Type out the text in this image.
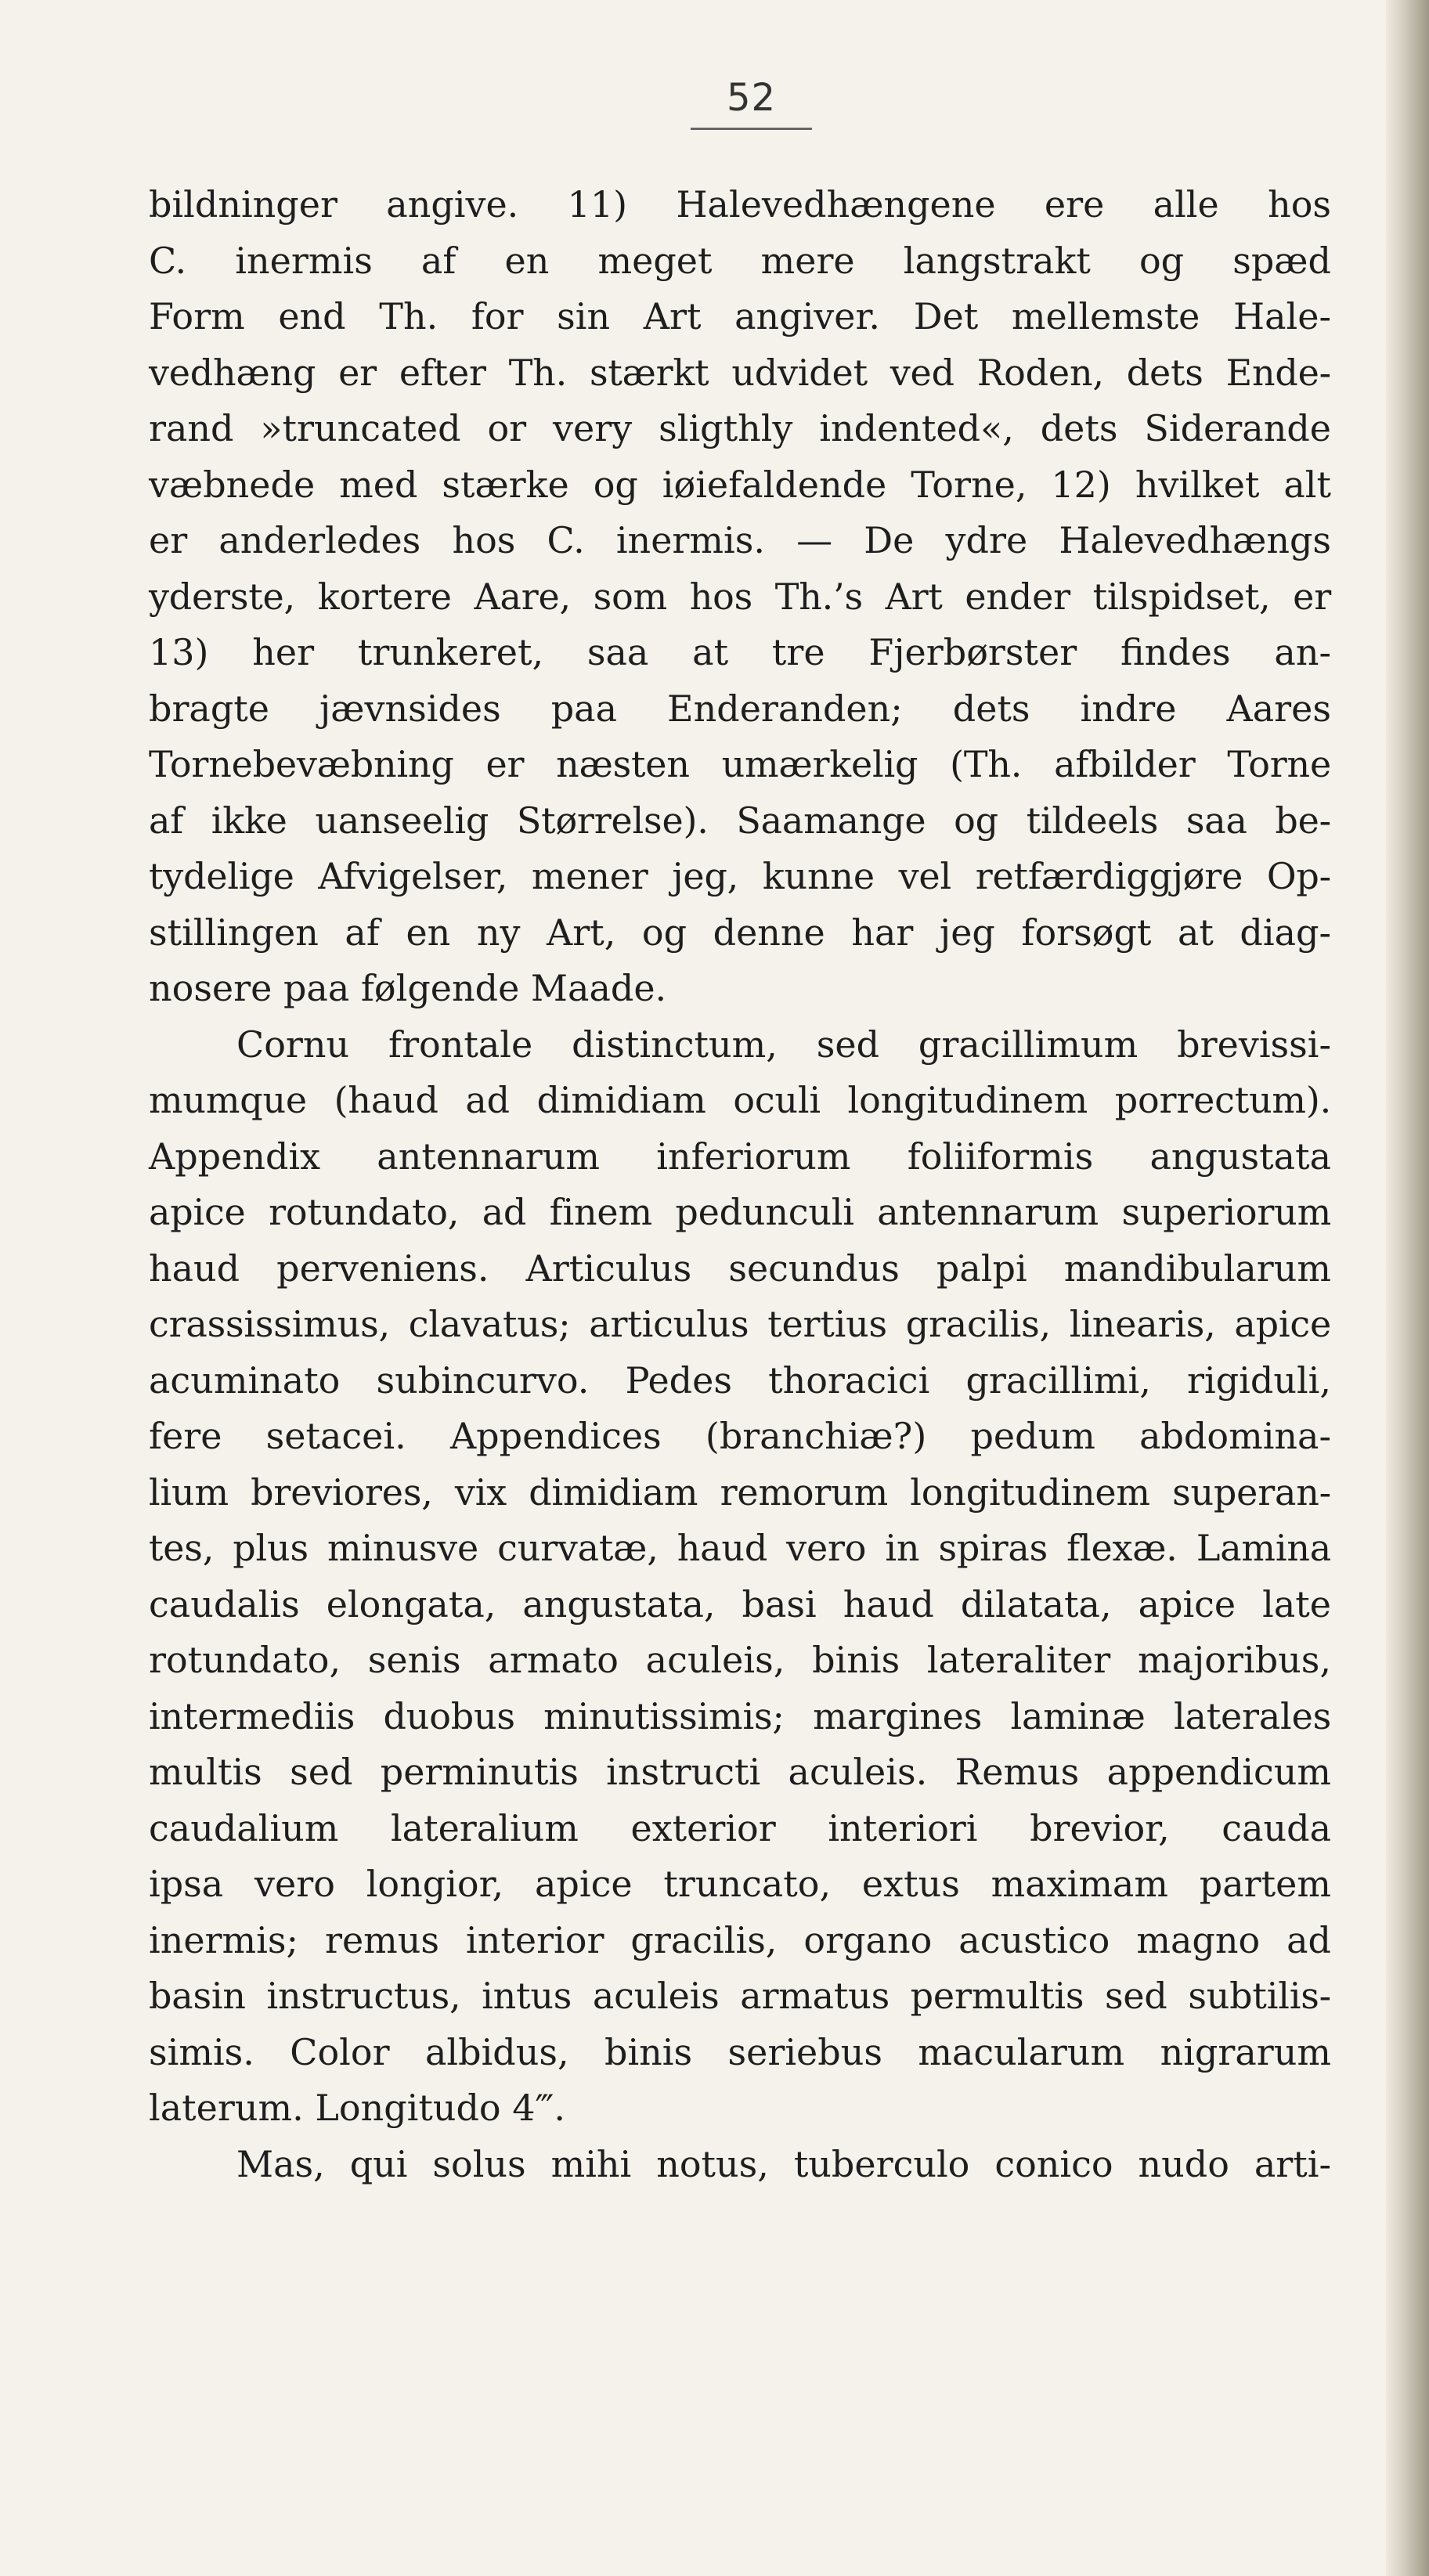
52
bildninger angive. 11) Halevedhængene ere alle hos
C. inermis af en meget mere langstrakt og spæd
Form end Th. for sin Art angiver. Det mellemste Hale-
vedhæng er efter Th. stærkt udvidet ved Roden, dets Ende-
rand »truncated or very sligthly indented«, dets Siderande
væbnede med stærke og iøiefaldende Torne, 12) hvilket alt
er anderledes hos C. inermis. — De ydre Halevedhængs
yderste, kortere Aare, som hos Th.’s Art ender tilspidset, er
13) her trunkeret, saa at tre Fjerbørster findes an-
bragte jævnsides paa Enderanden; dets indre Aares
Tornebevæbning er næsten umærkelig (Th. afbilder Torne
af ikke uanseelig Størrelse). Saamange og tildeels saa be-
tydelige Afvigelser, mener jeg, kunne vel retfærdiggjøre Op-
stillingen af en ny Art, og denne har jeg forsøgt at diag-
nosere paa følgende Maade.
Cornu frontale distinctum, sed gracillimum brevissi-
mumque (haud ad dimidiam oculi longitudinem porrectum).
Appendix antennarum inferiorum foliiformis angustata
apice rotundato, ad finem pedunculi antennarum superiorum
haud perveniens. Articulus secundus palpi mandibularum
crassissimus, clavatus; articulus tertius gracilis, linearis, apice
acuminato subincurvo. Pedes thoracici gracillimi, rigiduli,
fere setacei. Appendices (branchiæ?) pedum abdomina-
lium breviores, vix dimidiam remorum longitudinem superan-
tes, plus minusve curvatæ, haud vero in spiras flexæ. Lamina
caudalis elongata, angustata, basi haud dilatata, apice late
rotundato, senis armato aculeis, binis lateraliter majoribus,
intermediis duobus minutissimis; margines laminæ laterales
multis sed perminutis instructi aculeis. Remus appendicum
caudalium lateralium exterior interiori brevior, cauda
ipsa vero longior, apice truncato, extus maximam partem
inermis; remus interior gracilis, organo acustico magno ad
basin instructus, intus aculeis armatus permultis sed subtilis-
simis. Color albidus, binis seriebus macularum nigrarum
laterum. Longitudo 4‴.
Mas, qui solus mihi notus, tuberculo conico nudo arti-
